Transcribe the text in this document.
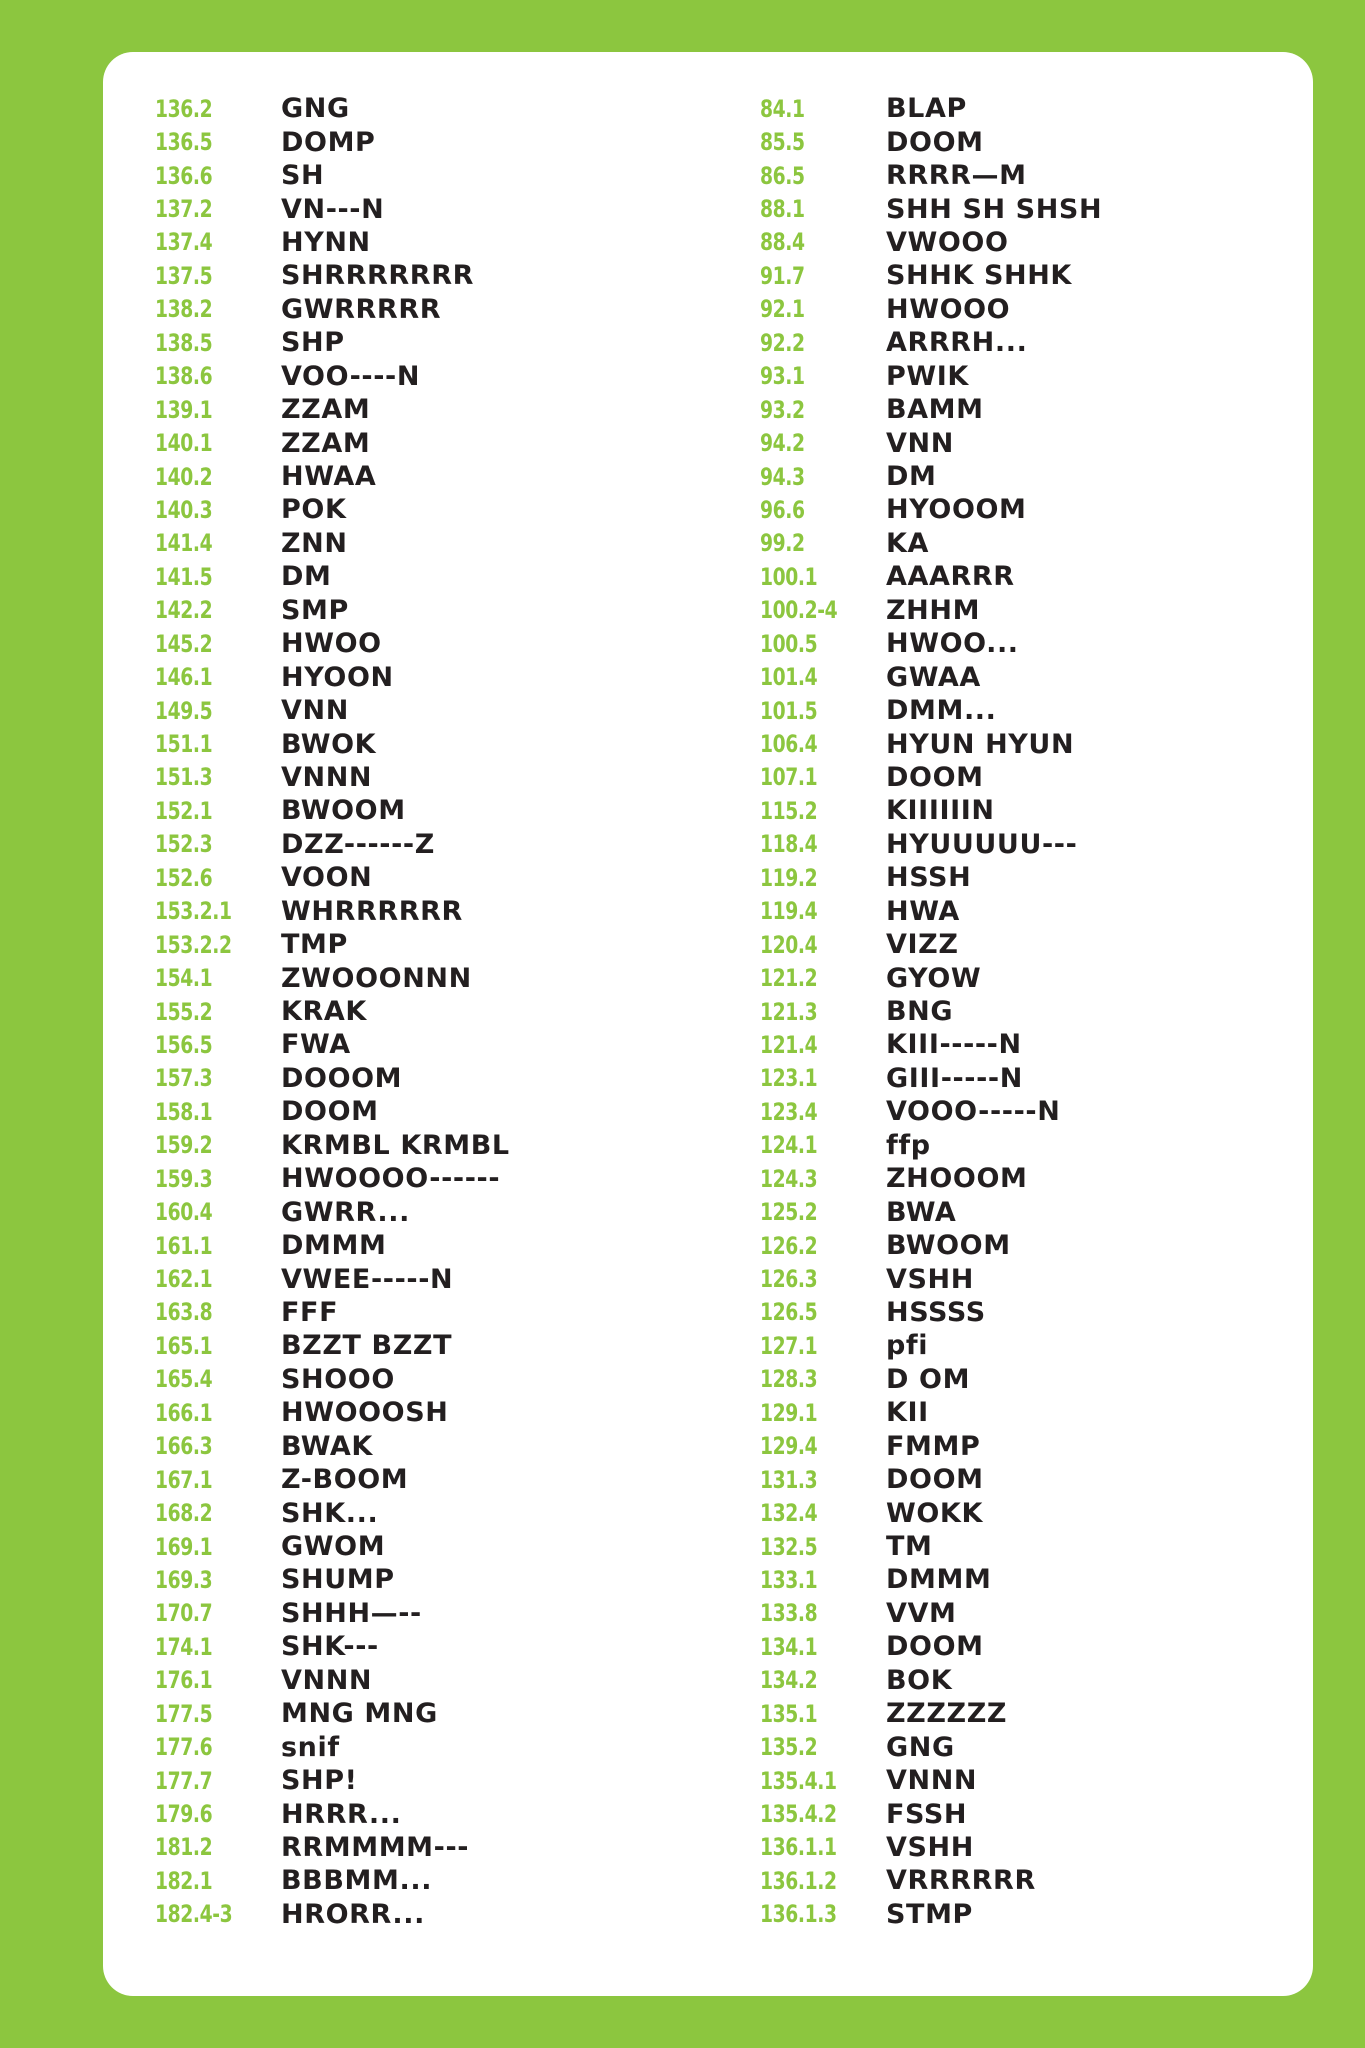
136.2	GNG
136.5	DOMP
136.6	SH
137.2	VN---N
137.4	HYNN
137.5	SHRRRRRRR
138.2	GWRRRRR
138.5	SHP
138.6	VOO----N
139.1	ZZAM
140.1	ZZAM
140.2	HWAA
140.3	POK
141.4	ZNN
141.5	DM
142.2	SMP
145.2	HWOO
146.1	HYOON
149.5	VNN
151.1	BWOK
151.3	VNNN
152.1	BWOOM
152.3	DZZ------Z
152.6	VOON
153.2.1	WHRRRRRR
153.2.2	TMP
154.1	ZWOOONNN
155.2	KRAK
156.5	FWA
157.3	DOOOM
158.1	DOOM
159.2	KRMBL KRMBL
159.3	HWOOOO------
160.4	GWRR...
161.1	DMMM
162.1	VWEE-----N
163.8	FFF
165.1	BZZT BZZT
165.4	SHOOO
166.1	HWOOOSH
166.3	BWAK
167.1	Z-BOOM
168.2	SHK...
169.1	GWOM
169.3	SHUMP
170.7	SHHH—--
174.1	SHK---
176.1	VNNN
177.5	MNG MNG
177.6	snif
177.7	SHP!
179.6	HRRR...
181.2	RRMMMM---
182.1	BBBMM...
182.4-3	HRORR...
84.1	BLAP
85.5	DOOM
86.5	RRRR—M
88.1	SHH SH SHSH
88.4	VWOOO
91.7	SHHK SHHK
92.1	HWOOO
92.2	ARRRH...
93.1	PWIK
93.2	BAMM
94.2	VNN
94.3	DM
96.6	HYOOOM
99.2	KA
100.1	AAARRR
100.2-4	ZHHM
100.5	HWOO...
101.4	GWAA
101.5	DMM...
106.4	HYUN HYUN
107.1	DOOM
115.2	KIIIIIIN
118.4	HYUUUUU---
119.2	HSSH
119.4	HWA
120.4	VIZZ
121.2	GYOW
121.3	BNG
121.4	KIII-----N
123.1	GIII-----N
123.4	VOOO-----N
124.1	ffp
124.3	ZHOOOM
125.2	BWA
126.2	BWOOM
126.3	VSHH
126.5	HSSSS
127.1	pfi
128.3	D OM
129.1	KII
129.4	FMMP
131.3	DOOM
132.4	WOKK
132.5	TM
133.1	DMMM
133.8	VVM
134.1	DOOM
134.2	BOK
135.1	ZZZZZZ
135.2	GNG
135.4.1	VNNN
135.4.2	FSSH
136.1.1	VSHH
136.1.2	VRRRRRR
136.1.3	STMP
